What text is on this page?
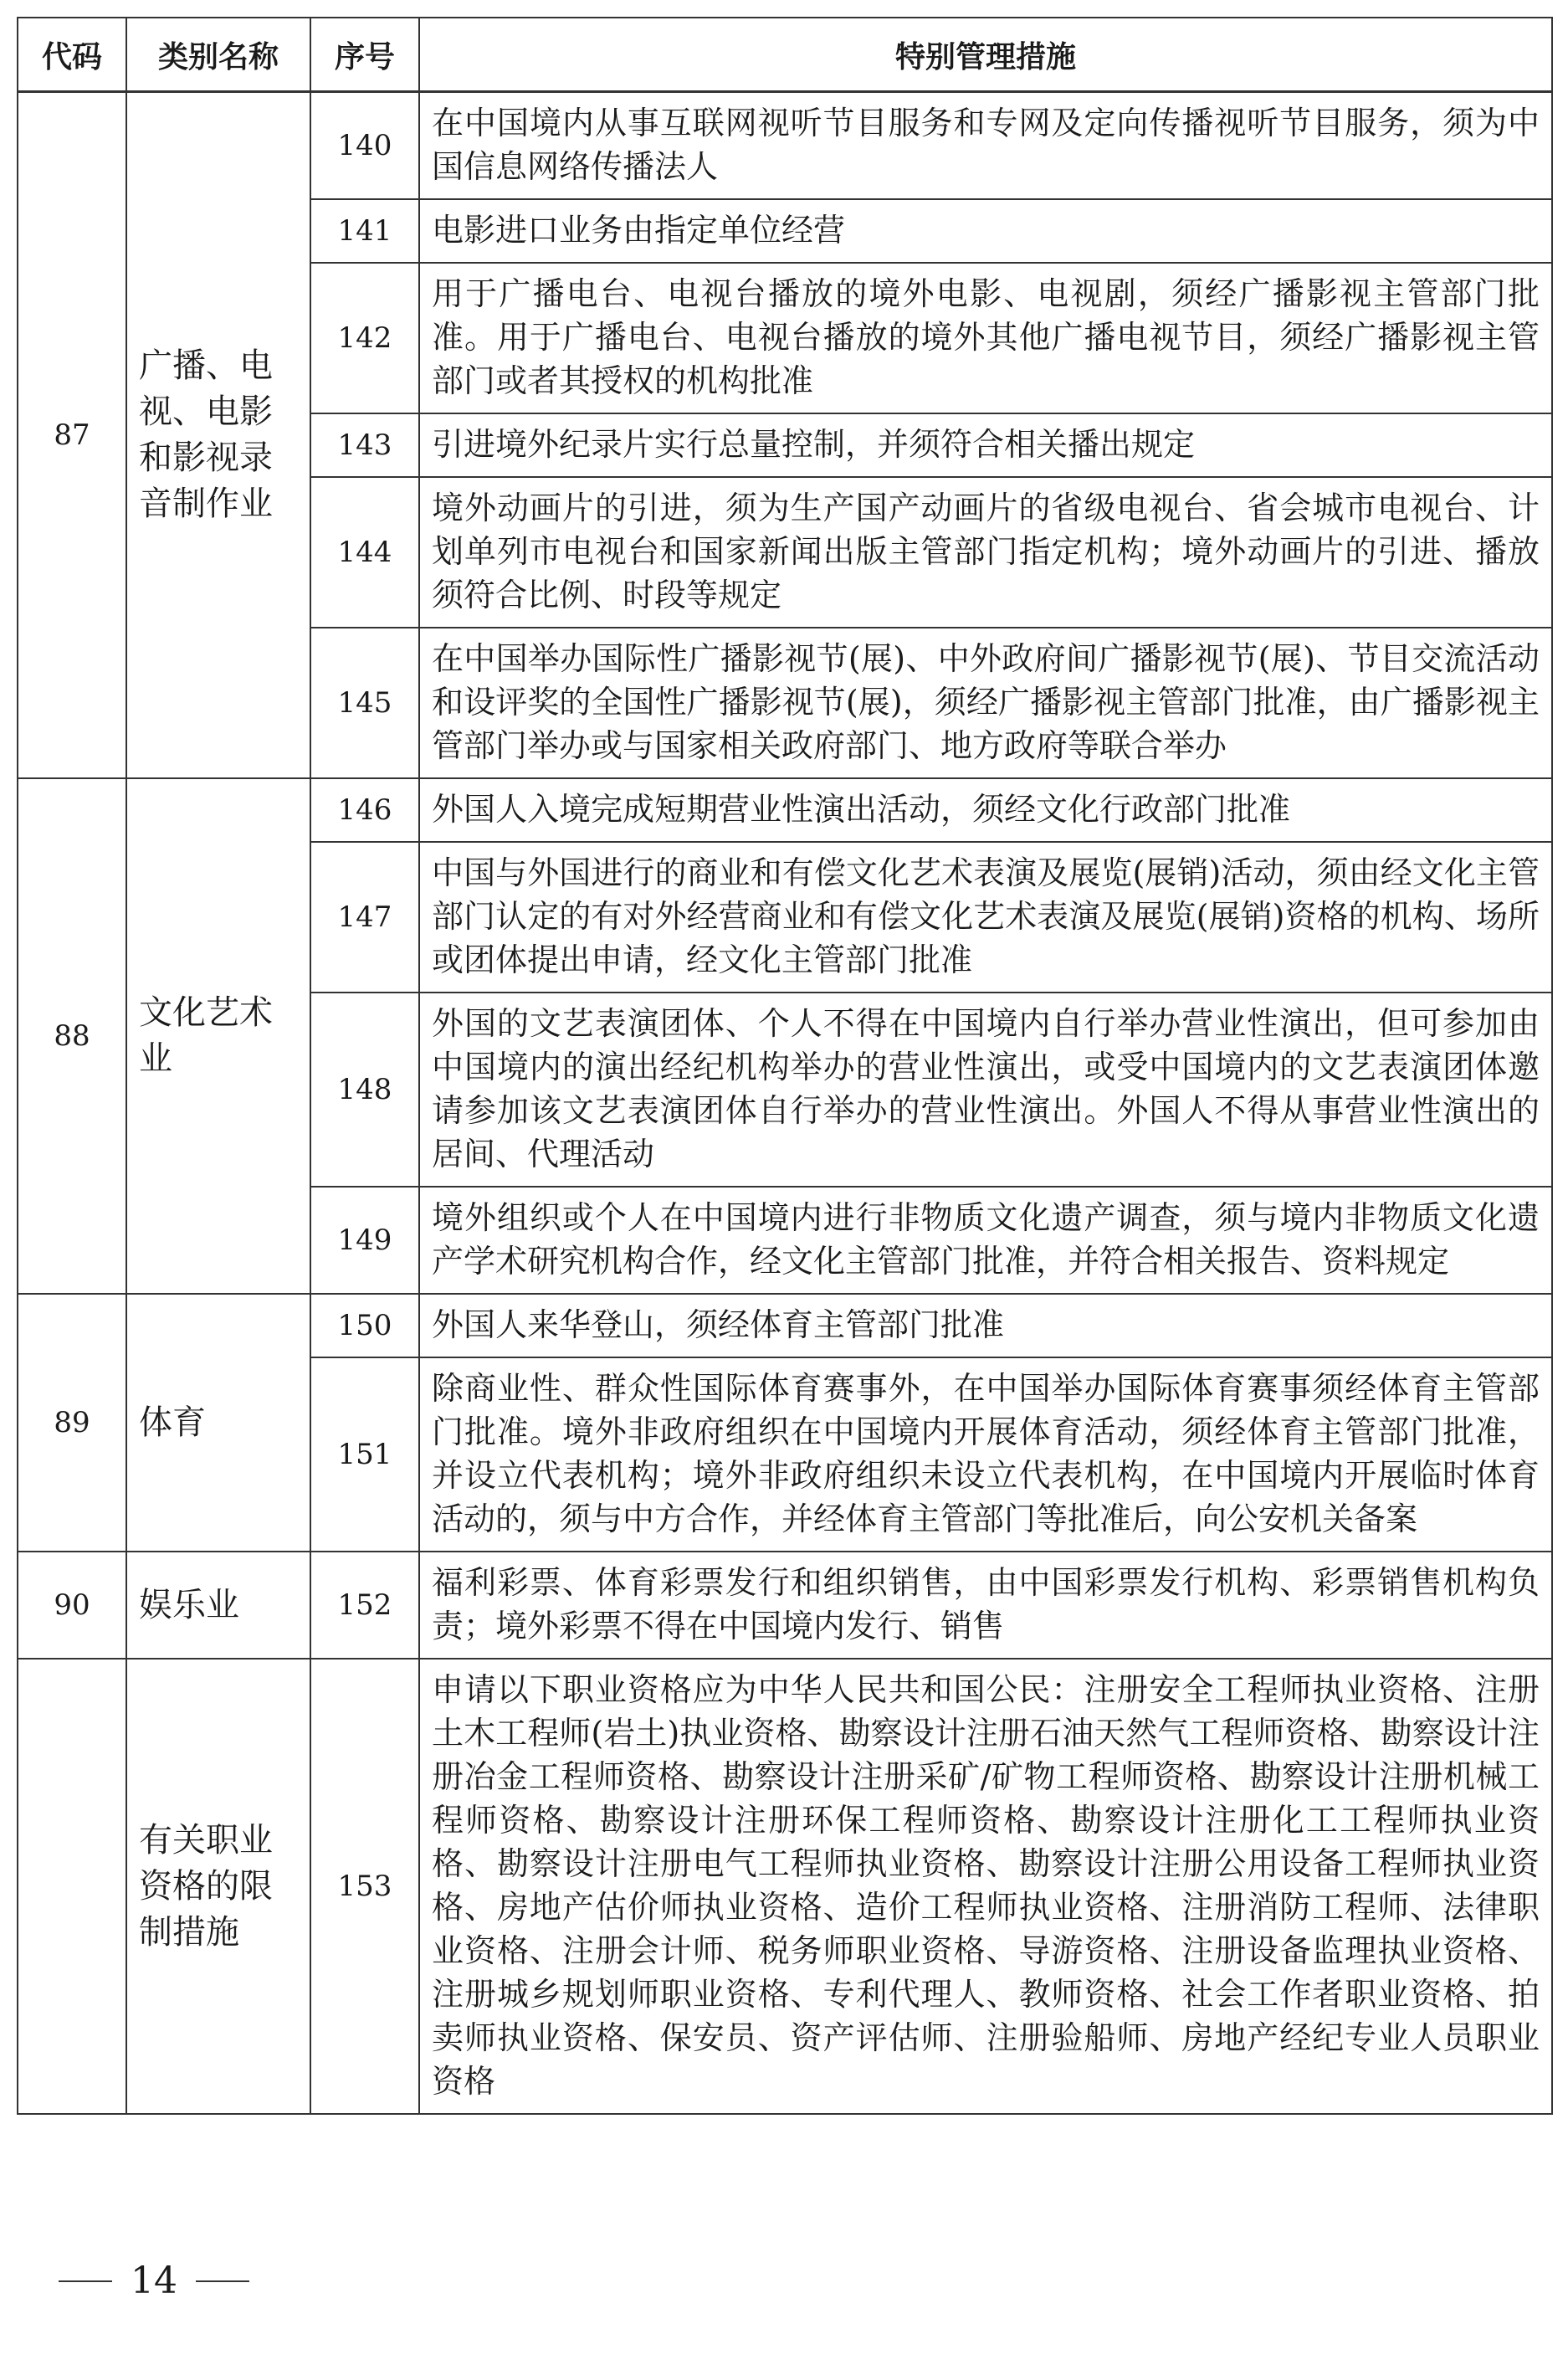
代码	类别名称	序号	特别管理措施
87	广播、电视、电影和影视录音制作业	140	在中国境内从事互联网视听节目服务和专网及定向传播视听节目服务，须为中国信息网络传播法人
		141	电影进口业务由指定单位经营
		142	用于广播电台、电视台播放的境外电影、电视剧，须经广播影视主管部门批准。用于广播电台、电视台播放的境外其他广播电视节目，须经广播影视主管部门或者其授权的机构批准
		143	引进境外纪录片实行总量控制，并须符合相关播出规定
		144	境外动画片的引进，须为生产国产动画片的省级电视台、省会城市电视台、计划单列市电视台和国家新闻出版主管部门指定机构；境外动画片的引进、播放须符合比例、时段等规定
		145	在中国举办国际性广播影视节(展)、中外政府间广播影视节(展)、节目交流活动和设评奖的全国性广播影视节(展)，须经广播影视主管部门批准，由广播影视主管部门举办或与国家相关政府部门、地方政府等联合举办
88	文化艺术业	146	外国人入境完成短期营业性演出活动，须经文化行政部门批准
		147	中国与外国进行的商业和有偿文化艺术表演及展览(展销)活动，须由经文化主管部门认定的有对外经营商业和有偿文化艺术表演及展览(展销)资格的机构、场所或团体提出申请，经文化主管部门批准
		148	外国的文艺表演团体、个人不得在中国境内自行举办营业性演出，但可参加由中国境内的演出经纪机构举办的营业性演出，或受中国境内的文艺表演团体邀请参加该文艺表演团体自行举办的营业性演出。外国人不得从事营业性演出的居间、代理活动
		149	境外组织或个人在中国境内进行非物质文化遗产调查，须与境内非物质文化遗产学术研究机构合作，经文化主管部门批准，并符合相关报告、资料规定
89	体育	150	外国人来华登山，须经体育主管部门批准
		151	除商业性、群众性国际体育赛事外，在中国举办国际体育赛事须经体育主管部门批准。境外非政府组织在中国境内开展体育活动，须经体育主管部门批准，并设立代表机构；境外非政府组织未设立代表机构，在中国境内开展临时体育活动的，须与中方合作，并经体育主管部门等批准后，向公安机关备案
90	娱乐业	152	福利彩票、体育彩票发行和组织销售，由中国彩票发行机构、彩票销售机构负责；境外彩票不得在中国境内发行、销售
	有关职业资格的限制措施	153	申请以下职业资格应为中华人民共和国公民：注册安全工程师执业资格、注册土木工程师(岩土)执业资格、勘察设计注册石油天然气工程师资格、勘察设计注册冶金工程师资格、勘察设计注册采矿/矿物工程师资格、勘察设计注册机械工程师资格、勘察设计注册环保工程师资格、勘察设计注册化工工程师执业资格、勘察设计注册电气工程师执业资格、勘察设计注册公用设备工程师执业资格、房地产估价师执业资格、造价工程师执业资格、注册消防工程师、法律职业资格、注册会计师、税务师职业资格、导游资格、注册设备监理执业资格、注册城乡规划师职业资格、专利代理人、教师资格、社会工作者职业资格、拍卖师执业资格、保安员、资产评估师、注册验船师、房地产经纪专业人员职业资格
14
